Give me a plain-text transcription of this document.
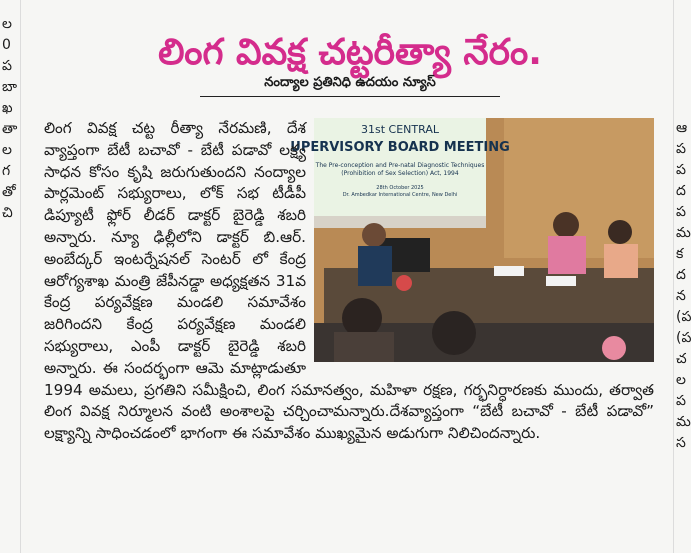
ల
0
ప
బా
ఖ
తా
ల
గ
తో
చి
ఆ
ప
ప
ద
ప
మ
క
ద
న
(ప
(ప
చ
ల
ప
మ
స
లింగ వివక్ష చట్టరీత్యా నేరం.
నంద్యాల ప్రతినిధి ఉదయం న్యూస్
31st CENTRAL
UPERVISORY BOARD MEETING
The Pre-conception and Pre-natal Diagnostic Techniques
(Prohibition of Sex Selection) Act, 1994
28th October 2025
Dr. Ambedkar International Centre, New Delhi

లింగ వివక్ష చట్ట రీత్యా నేరమణి, దేశ వ్యాప్తంగా బేటీ బచావో - బేటీ పడావో లక్ష్య సాధన కోసం కృషి జరుగుతుందని నంద్యాల పార్లమెంట్ సభ్యురాలు, లోక్ సభ టీడీపీ డిప్యూటీ ఫ్లోర్ లీడర్ డాక్టర్ బైరెడ్డి శబరి అన్నారు. న్యూ ఢిల్లీలోని డాక్టర్ బి.ఆర్. అంబేద్కర్ ఇంటర్నేషనల్ సెంటర్ లో కేంద్ర ఆరోగ్యశాఖ మంత్రి జేపీనడ్డా అధ్యక్షతన 31వ కేంద్ర పర్యవేక్షణ మండలి సమావేశం జరిగిందని కేంద్ర పర్యవేక్షణ మండలి సభ్యురాలు, ఎంపీ డాక్టర్ బైరెడ్డి శబరి అన్నారు. ఈ సందర్భంగా ఆమె మాట్లాడుతూ 1994 అమలు, ప్రగతిని సమీక్షించి, లింగ సమానత్వం, మహిళా రక్షణ, గర్భనిర్ధారణకు ముందు, తర్వాత లింగ వివక్ష నిర్మూలన వంటి అంశాలపై చర్చించామన్నారు.దేశవ్యాప్తంగా “బేటీ బచావో - బేటీ పడావో” లక్ష్యాన్ని సాధించడంలో భాగంగా ఈ సమావేశం ముఖ్యమైన అడుగుగా నిలిచిందన్నారు.
